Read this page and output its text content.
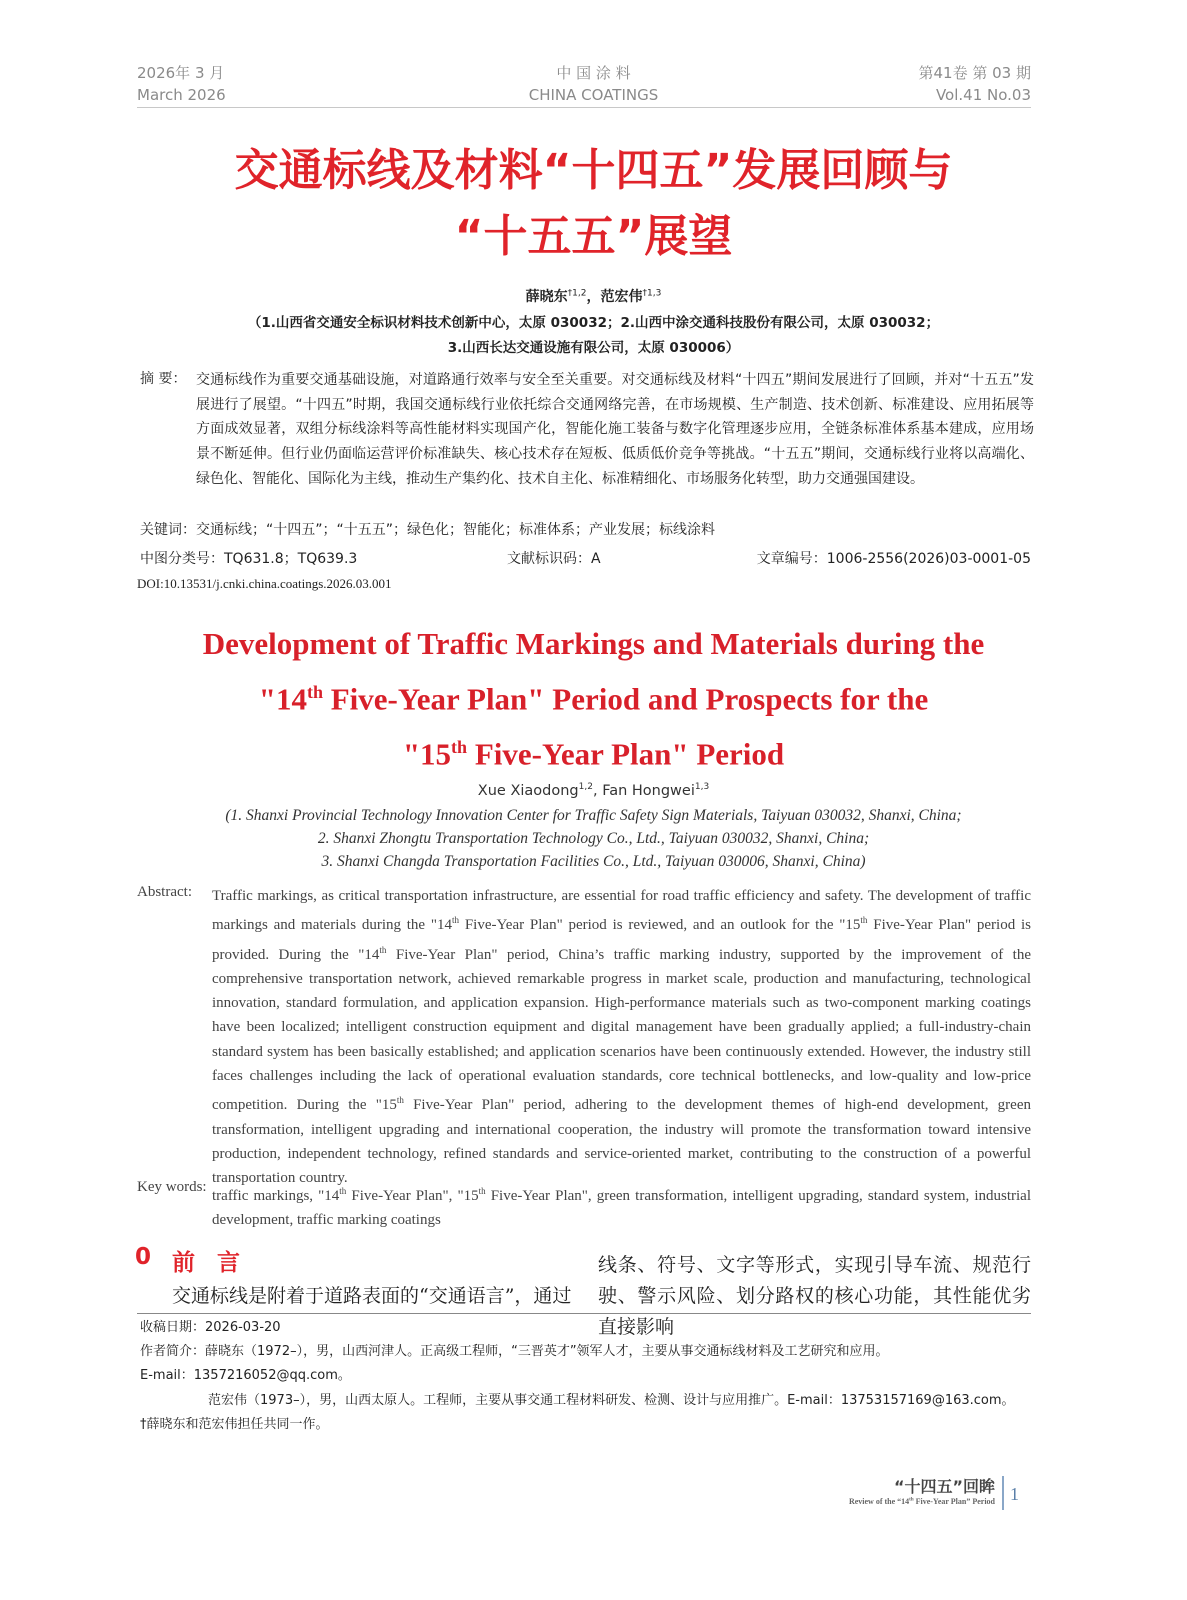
2026年 3 月
March 2026
中 国 涂 料
CHINA COATINGS
第41卷 第 03 期
Vol.41 No.03
交通标线及材料“十四五”发展回顾与
“十五五”展望
薛晓东$^{\dagger 1,2}$，范宏伟$^{\dagger 1,3}$
（1.山西省交通安全标识材料技术创新中心，太原 030032；2.山西中涂交通科技股份有限公司，太原 030032；
3.山西长达交通设施有限公司，太原 030006）
摘 要： 交通标线作为重要交通基础设施，对道路通行效率与安全至关重要。对交通标线及材料“十四五”期间发展进行了回顾，并对“十五五”发展进行了展望。“十四五”时期，我国交通标线行业依托综合交通网络完善，在市场规模、生产制造、技术创新、标准建设、应用拓展等方面成效显著，双组分标线涂料等高性能材料实现国产化，智能化施工装备与数字化管理逐步应用，全链条标准体系基本建成，应用场景不断延伸。但行业仍面临运营评价标准缺失、核心技术存在短板、低质低价竞争等挑战。“十五五”期间，交通标线行业将以高端化、绿色化、智能化、国际化为主线，推动生产集约化、技术自主化、标准精细化、市场服务化转型，助力交通强国建设。
关键词：交通标线；“十四五”；“十五五”；绿色化；智能化；标准体系；产业发展；标线涂料
中图分类号：TQ631.8；TQ639.3	文献标识码：A	文章编号：1006-2556(2026)03-0001-05
DOI:10.13531/j.cnki.china.coatings.2026.03.001
Development of Traffic Markings and Materials during the
"14th Five-Year Plan" Period and Prospects for the
"15th Five-Year Plan" Period
Xue Xiaodong$^{1,2}$, Fan Hongwei$^{1,3}$
(1. Shanxi Provincial Technology Innovation Center for Traffic Safety Sign Materials, Taiyuan 030032, Shanxi, China;
2. Shanxi Zhongtu Transportation Technology Co., Ltd., Taiyuan 030032, Shanxi, China;
3. Shanxi Changda Transportation Facilities Co., Ltd., Taiyuan 030006, Shanxi, China)
Abstract: Traffic markings, as critical transportation infrastructure, are essential for road traffic efficiency and safety. The development of traffic markings and materials during the "14th Five-Year Plan" period is reviewed, and an outlook for the "15th Five-Year Plan" period is provided. During the "14th Five-Year Plan" period, China’s traffic marking industry, supported by the improvement of the comprehensive transportation network, achieved remarkable progress in market scale, production and manufacturing, technological innovation, standard formulation, and application expansion. High-performance materials such as two-component marking coatings have been localized; intelligent construction equipment and digital management have been gradually applied; a full-industry-chain standard system has been basically established; and application scenarios have been continuously extended. However, the industry still faces challenges including the lack of operational evaluation standards, core technical bottlenecks, and low-quality and low-price competition. During the "15th Five-Year Plan" period, adhering to the development themes of high-end development, green transformation, intelligent upgrading and international cooperation, the industry will promote the transformation toward intensive production, independent technology, refined standards and service-oriented market, contributing to the construction of a powerful transportation country.
Key words:
traffic markings, "14th Five-Year Plan", "15th Five-Year Plan", green transformation, intelligent upgrading, standard system, industrial development, traffic marking coatings
0 前言
交通标线是附着于道路表面的“交通语言”，通过
线条、符号、文字等形式，实现引导车流、规范行驶、警示风险、划分路权的核心功能，其性能优劣直接影响
收稿日期：2026-03-20
作者简介：薛晓东（1972–），男，山西河津人。正高级工程师，“三晋英才”领军人才，主要从事交通标线材料及工艺研究和应用。
E-mail：1357216052@qq.com。
范宏伟（1973–），男，山西太原人。工程师，主要从事交通工程材料研发、检测、设计与应用推广。E-mail：13753157169@163.com。
†薛晓东和范宏伟担任共同一作。
“十四五”回眸
Review of the “14th Five-Year Plan” Period 1
